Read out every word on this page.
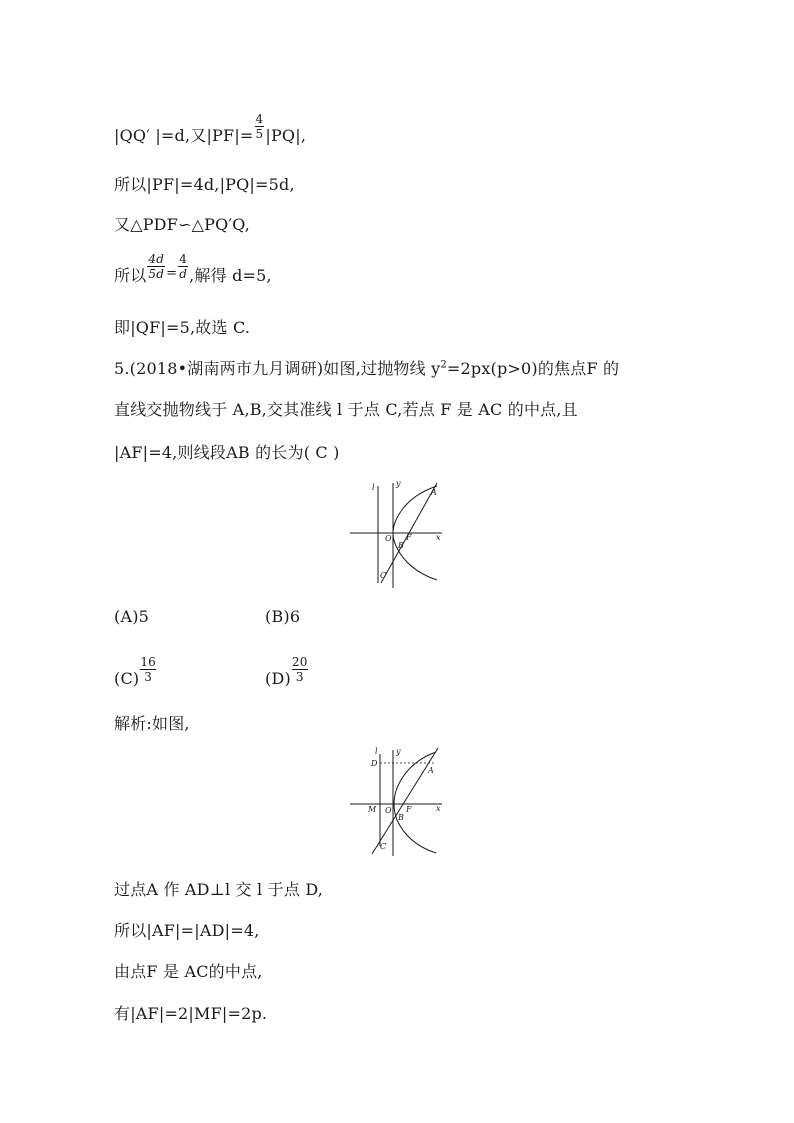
|QQ′ |=d,又$|PF|= \frac{4}{5} |PQ|$,
所以|PF|=4d,|PQ|=5d,
又△PDF∽△PQ′Q,
所以 $\frac{4d}{5d} ^= \frac{4}{d}$ ,解得 d=5,
即|QF|=5,故选 C.
5.(2018•湖南两市九月调研)如图,过抛物线 $y^2=2px(p>0)$的焦点F 的
直线交抛物线于 A,B,交其准线 l 于点 C,若点 F 是 AC 的中点,且
|AF|=4,则线段AB 的长为( C )
l	y
x
A
O F
B
C
(A)5	(B)6
$(C) \frac{16}{3}$	$(D) \frac{20}{3}$
解析:如图,
l y
x
A
D
M O F
B
C
过点A 作 AD⊥l 交 l 于点 D,
所以|AF|=|AD|=4,
由点F 是 AC的中点,
有|AF|=2|MF|=2p.
